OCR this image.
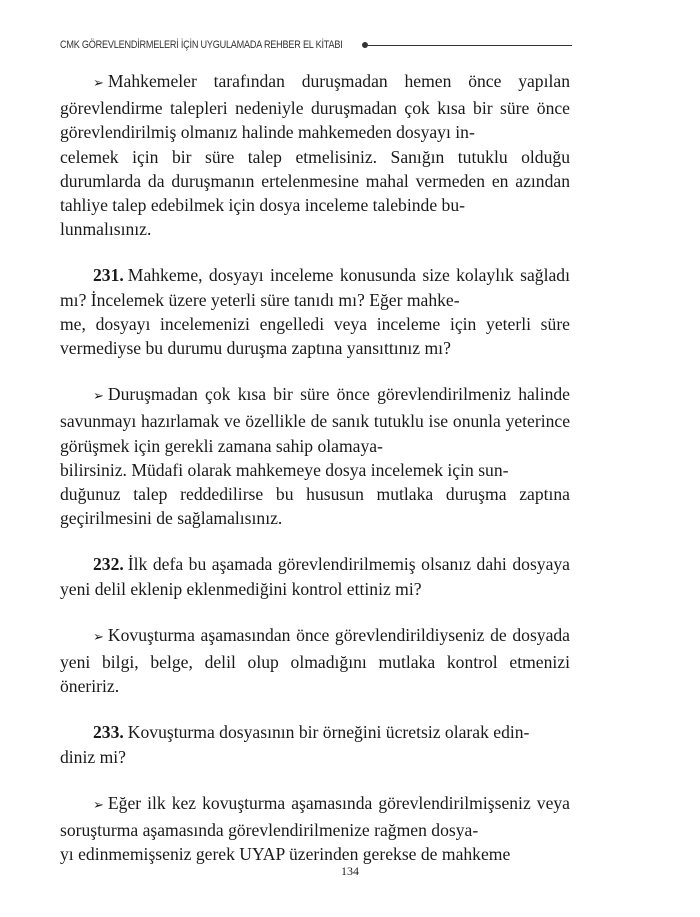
CMK GÖREVLENDİRMELERİ İÇİN UYGULAMADA REHBER EL KİTABI

➢ Mahkemeler tarafından duruşmadan hemen önce yapılan görevlendirme talepleri nedeniyle duruşmadan çok kısa bir süre önce görevlendirilmiş olmanız halinde mahkemeden dosyayı in-
celemek için bir süre talep etmelisiniz. Sanığın tutuklu olduğu durumlarda da duruşmanın ertelenmesine mahal vermeden en azından tahliye talep edebilmek için dosya inceleme talebinde bu-
lunmalısınız.

231. Mahkeme, dosyayı inceleme konusunda size kolaylık sağladı mı? İncelemek üzere yeterli süre tanıdı mı? Eğer mahke-
me, dosyayı incelemenizi engelledi veya inceleme için yeterli süre vermediyse bu durumu duruşma zaptına yansıttınız mı?

➢ Duruşmadan çok kısa bir süre önce görevlendirilmeniz halinde savunmayı hazırlamak ve özellikle de sanık tutuklu ise onunla yeterince görüşmek için gerekli zamana sahip olamaya-
bilirsiniz. Müdafi olarak mahkemeye dosya incelemek için sun-
duğunuz talep reddedilirse bu hususun mutlaka duruşma zaptına geçirilmesini de sağlamalısınız.

232. İlk defa bu aşamada görevlendirilmemiş olsanız dahi dosyaya yeni delil eklenip eklenmediğini kontrol ettiniz mi?

➢ Kovuşturma aşamasından önce görevlendirildiyseniz de dosyada yeni bilgi, belge, delil olup olmadığını mutlaka kontrol etmenizi öneririz.

233. Kovuşturma dosyasının bir örneğini ücretsiz olarak edin-
diniz mi?

➢ Eğer ilk kez kovuşturma aşamasında görevlendirilmişseniz veya soruşturma aşamasında görevlendirilmenize rağmen dosya-
yı edinmemişseniz gerek UYAP üzerinden gerekse de mahkeme

134
